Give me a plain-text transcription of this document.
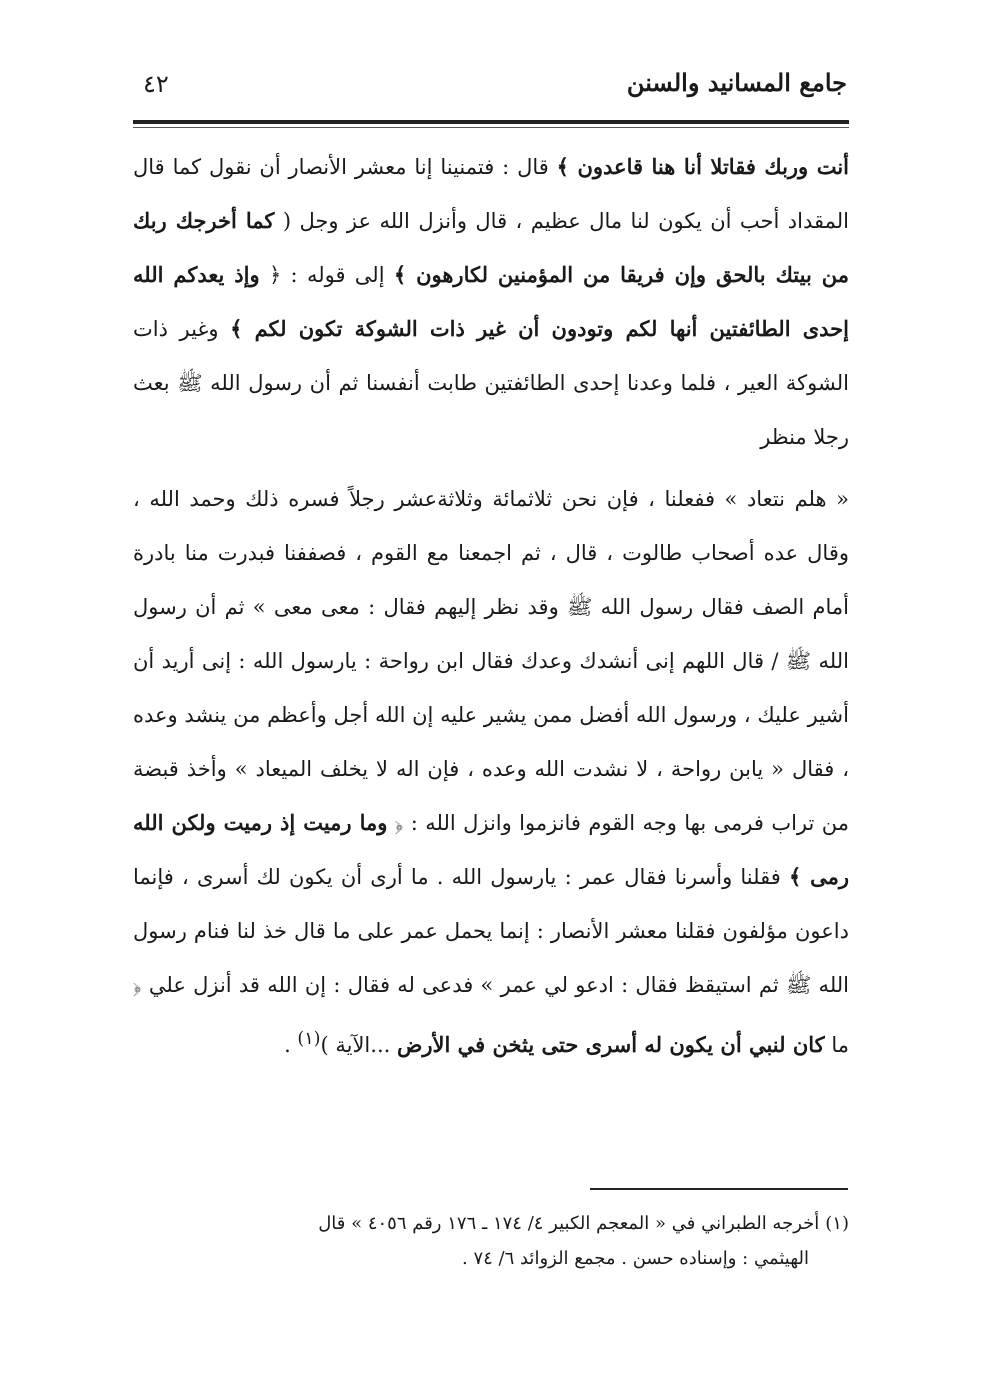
جامع المسانيد والسنن
٤٢

أنت وربك فقاتلا أنا هنا قاعدون ﴾ قال : فتمنينا إنا معشر الأنصار أن نقول كما قال المقداد أحب أن يكون لنا مال عظيم ، قال وأنزل الله عز وجل ( كما أخرجك ربك من بيتك بالحق وإن فريقا من المؤمنين لكارهون ﴾ إلى قوله : ﴿ وإذ يعدكم الله إحدى الطائفتين أنها لكم وتودون أن غير ذات الشوكة تكون لكم ﴾ وغير ذات الشوكة العير ، فلما وعدنا إحدى الطائفتين طابت أنفسنا ثم أن رسول الله ﷺ بعث رجلا منظر

« هلم نتعاد » ففعلنا ، فإن نحن ثلاثمائة وثلاثةعشر رجلاً فسره ذلك وحمد الله ، وقال عده أصحاب طالوت ، قال ، ثم اجمعنا مع القوم ، فصففنا فبدرت منا بادرة أمام الصف فقال رسول الله ﷺ وقد نظر إليهم فقال : معى معى » ثم أن رسول الله ﷺ / قال اللهم إنى أنشدك وعدك فقال ابن رواحة : يارسول الله : إنى أريد أن أشير عليك ، ورسول الله أفضل ممن يشير عليه إن الله أجل وأعظم من ينشد وعده ، فقال « يابن رواحة ، لا نشدت الله وعده ، فإن اله لا يخلف الميعاد » وأخذ قبضة من تراب فرمى بها وجه القوم فانزموا وانزل الله : ﴿ وما رميت إذ رميت ولكن الله رمى ﴾ فقلنا وأسرنا فقال عمر : يارسول الله . ما أرى أن يكون لك أسرى ، فإنما داعون مؤلفون فقلنا معشر الأنصار : إنما يحمل عمر على ما قال خذ لنا فنام رسول الله ﷺ ثم استيقظ فقال : ادعو لي عمر » فدعى له فقال : إن الله قد أنزل علي ﴿ ما كان لنبي أن يكون له أسرى حتى يثخن في الأرض ...الآية )$^{(١)}$ .

(١)أخرجه الطبراني في « المعجم الكبير ٤/ ١٧٤ ـ ١٧٦ رقم ٤٠٥٦ » قال

الهيثمي : وإسناده حسن . مجمع الزوائد ٦/ ٧٤ .
